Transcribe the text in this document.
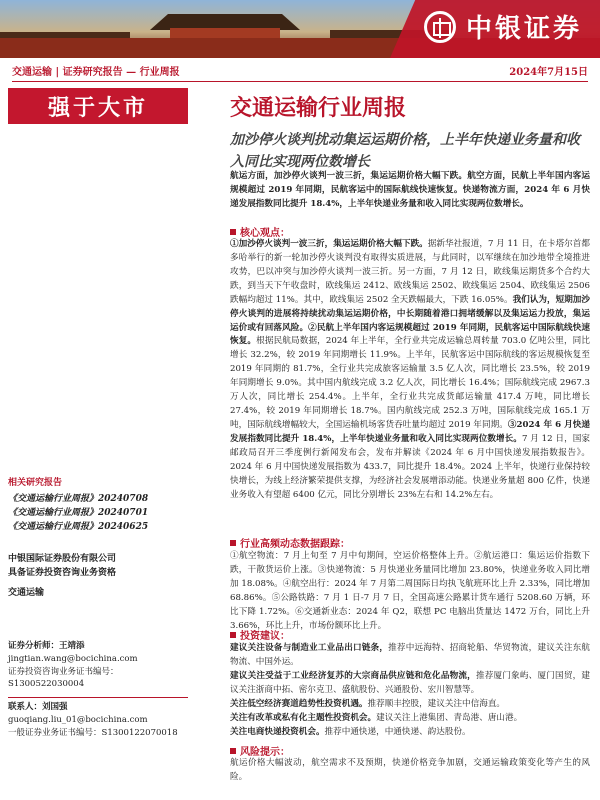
中银证券
交通运输 | 证券研究报告 — 行业周报	2024年7月15日
强于大市
相关研究报告
《交通运输行业周报》20240708
《交通运输行业周报》20240701
《交通运输行业周报》20240625
中银国际证券股份有限公司
具备证券投资咨询业务资格
交通运输
证券分析师：王靖添
jingtian.wang@bocichina.com
证券投资咨询业务证书编号：S1300522030004
联系人：刘国强
guoqiang.liu_01@bocichina.com
一般证券业务证书编号：S1300122070018
交通运输行业周报
加沙停火谈判扰动集运运期价格，上半年快递业务量和收入同比实现两位数增长

航运方面，加沙停火谈判一波三折，集运运期价格大幅下跌。航空方面，民航上半年国内客运规模超过 2019 年同期，民航客运中的国际航线快速恢复。快递物流方面，2024 年 6 月快递发展指数同比提升 18.4%，上半年快递业务量和收入同比实现两位数增长。

核心观点：

①加沙停火谈判一波三折，集运运期价格大幅下跌。据新华社报道，7 月 11 日，在卡塔尔首都多哈举行的新一轮加沙停火谈判没有取得实质进展，与此同时，以军继续在加沙地带全境推进攻势，巴以冲突与加沙停火谈判一波三折。另一方面，7 月 12 日，欧线集运期货多个合约大跌，到当天下午收盘时，欧线集运 2412、欧线集运 2502、欧线集运 2504、欧线集运 2506 跌幅均超过 11%。其中，欧线集运 2502 全天跌幅最大，下跌 16.05%。我们认为，短期加沙停火谈判的进展将持续扰动集运运期价格，中长期随着港口拥堵缓解以及集运运力投放，集运运价或有回落风险。②民航上半年国内客运规模超过 2019 年同期，民航客运中国际航线快速恢复。根据民航局数据，2024 年上半年，全行业共完成运输总周转量 703.0 亿吨公里，同比增长 32.2%，较 2019 年同期增长 11.9%。上半年，民航客运中国际航线的客运规模恢复至 2019 年同期的 81.7%，全行业共完成旅客运输量 3.5 亿人次，同比增长 23.5%，较 2019 年同期增长 9.0%。其中国内航线完成 3.2 亿人次，同比增长 16.4%；国际航线完成 2967.3 万人次，同比增长 254.4%。上半年，全行业共完成货邮运输量 417.4 万吨，同比增长 27.4%，较 2019 年同期增长 18.7%。国内航线完成 252.3 万吨，国际航线完成 165.1 万吨，国际航线增幅较大，全国运输机场客货吞吐量均超过 2019 年同期。③2024 年 6 月快递发展指数同比提升 18.4%，上半年快递业务量和收入同比实现两位数增长。7 月 12 日，国家邮政局召开三季度例行新闻发布会，发布并解读《2024 年 6 月中国快递发展指数报告》。2024 年 6 月中国快递发展指数为 433.7，同比提升 18.4%。2024 上半年，快递行业保持较快增长，为线上经济繁荣提供支撑，为经济社会发展增添动能。快递业务量超 800 亿件，快递业务收入有望超 6400 亿元，同比分别增长 23%左右和 14.2%左右。

行业高频动态数据跟踪：

①航空物流：7 月上旬至 7 月中旬期间，空运价格整体上升。②航运港口：集运运价指数下跌，干散货运价上涨。③快递物流：5 月快递业务量同比增加 23.80%，快递业务收入同比增加 18.08%。④航空出行：2024 年 7 月第二周国际日均执飞航班环比上升 2.33%，同比增加 68.86%。⑤公路铁路：7 月 1 日-7 月 7 日，全国高速公路累计货车通行 5208.60 万辆，环比下降 1.72%。⑥交通新业态：2024 年 Q2，联想 PC 电脑出货量达 1472 万台，同比上升 3.66%，环比上升，市场份额环比上升。

投资建议：

建议关注设备与制造业工业品出口链条，推荐中远海特、招商轮船、华贸物流，建议关注东航物流、中国外运。

建议关注受益于工业经济复苏的大宗商品供应链和危化品物流，推荐厦门象屿、厦门国贸，建议关注浙商中拓、密尔克卫、盛航股份、兴通股份、宏川智慧等。

关注低空经济赛道趋势性投资机遇。推荐顺丰控股，建议关注中信海直。

关注有改革或私有化主题性投资机会。建议关注上港集团、青岛港、唐山港。

关注电商快递投资机会。推荐中通快递，中通快递、韵达股份。

风险提示：

航运价格大幅波动，航空需求不及预期，快递价格竞争加剧，交通运输政策变化等产生的风险。
